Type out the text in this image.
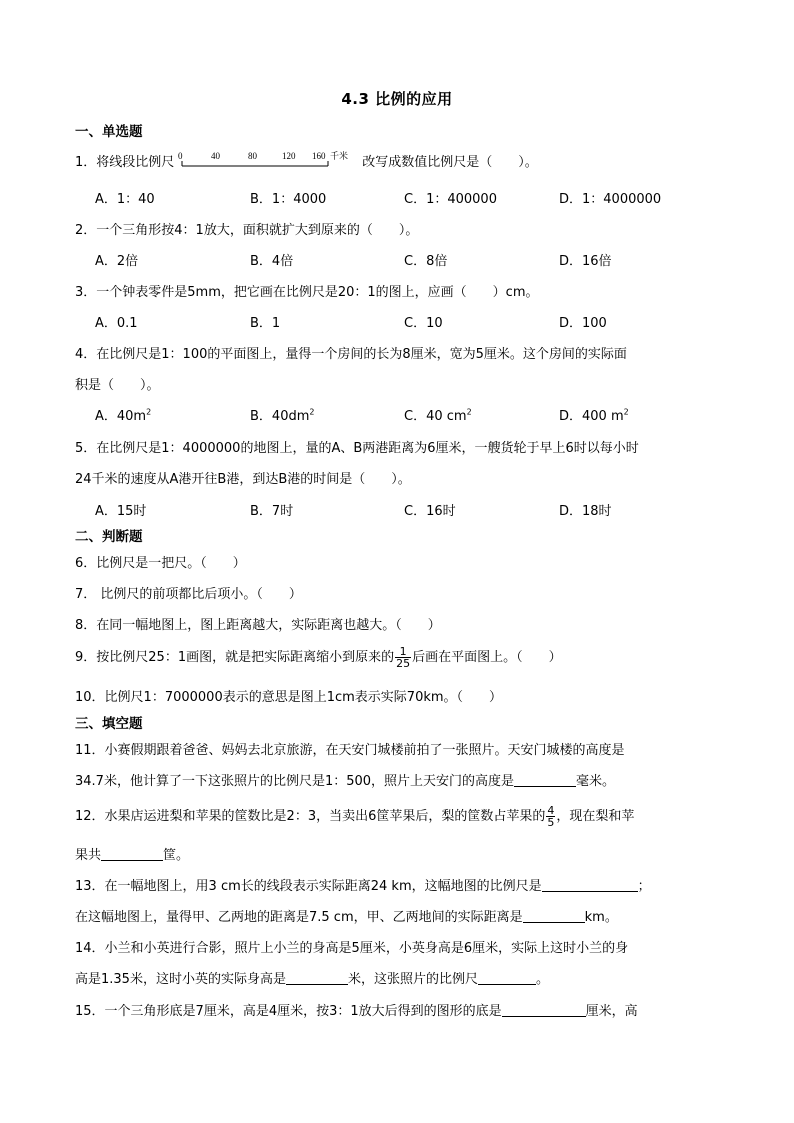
4.3 比例的应用
一、单选题
1．将线段比例尺 0	40	80	120 160 千米 改写成数值比例尺是（　　）。
A．1：40	B．1：4000	C．1：400000	D．1：4000000
2．一个三角形按4：1放大，面积就扩大到原来的（　　）。
A．2倍	B．4倍	C．8倍	D．16倍
3．一个钟表零件是5mm，把它画在比例尺是20：1的图上，应画（　　）cm。
A．0.1	B．1	C．10	D．100
4．在比例尺是1：100的平面图上，量得一个房间的长为8厘米，宽为5厘米。这个房间的实际面
积是（　　）。
A．$40m^2$	B．$40dm^2$	C．40 $cm^2$	D．400 $m^2$
5．在比例尺是1：4000000的地图上，量的A、B两港距离为6厘米，一艘货轮于早上6时以每小时
24千米的速度从A港开往B港，到达B港的时间是（　　）。
A．15时	B．7时	C．16时	D．18时
二、判断题
6．比例尺是一把尺。（　　）
7． 比例尺的前项都比后项小。（　　）
8．在同一幅地图上，图上距离越大，实际距离也越大。（　　）
9．按比例尺25：1画图，就是把实际距离缩小到原来的 $\frac{1}{25}$ 后画在平面图上。（　　）
10．比例尺1：7000000表示的意思是图上1cm表示实际70km。（　　）
三、填空题
11．小赛假期跟着爸爸、妈妈去北京旅游，在天安门城楼前拍了一张照片。天安门城楼的高度是
34.7米，他计算了一下这张照片的比例尺是1：500，照片上天安门的高度是	毫米。
12．水果店运进梨和苹果的筐数比是2：3，当卖出6筐苹果后，梨的筐数占苹果的 $\frac{4}{5}$ ，现在梨和苹
果共	筐。
13．在一幅地图上，用3 cm长的线段表示实际距离24 km，这幅地图的比例尺是	；
在这幅地图上，量得甲、乙两地的距离是7.5 cm，甲、乙两地间的实际距离是	km。
14．小兰和小英进行合影，照片上小兰的身高是5厘米，小英身高是6厘米，实际上这时小兰的身
高是1.35米，这时小英的实际身高是	米，这张照片的比例尺	。
15．一个三角形底是7厘米，高是4厘米，按3：1放大后得到的图形的底是	厘米，高
